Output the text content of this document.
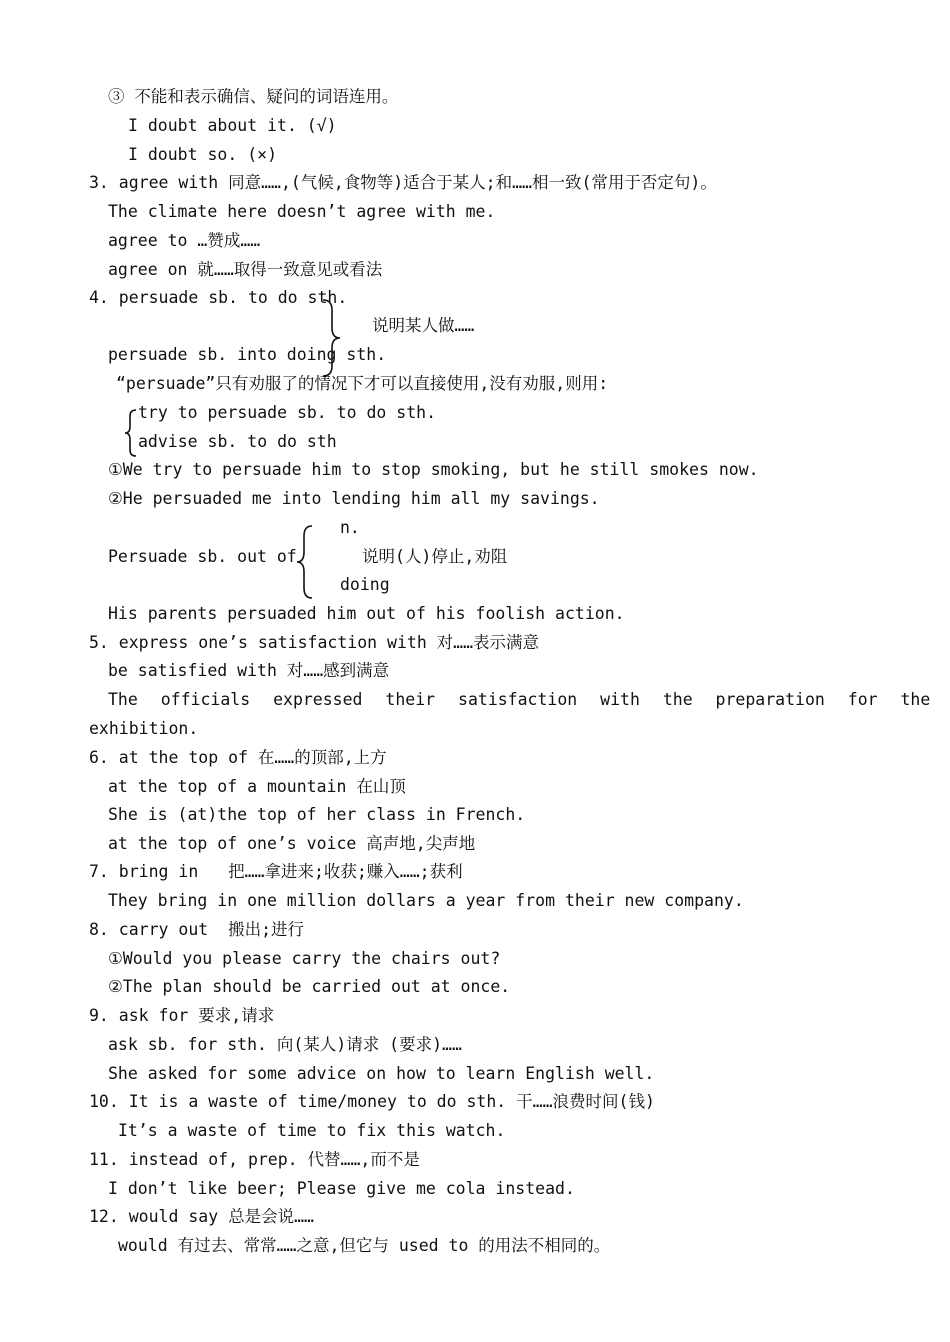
③ 不能和表示确信、疑问的词语连用。
I doubt about it. (√)
I doubt so. (×)
3. agree with 同意……,(气候,食物等)适合于某人;和……相一致(常用于否定句)。
The climate here doesn’t agree with me.
agree to …赞成……
agree on 就……取得一致意见或看法
4. persuade sb. to do sth.
说明某人做……
persuade sb. into doing sth.
“persuade”只有劝服了的情况下才可以直接使用,没有劝服,则用:
try to persuade sb. to do sth.
advise sb. to do sth
①We try to persuade him to stop smoking, but he still smokes now.
②He persuaded me into lending him all my savings.
n.
Persuade sb. out of	说明(人)停止,劝阻
doing
His parents persuaded him out of his foolish action.
5. express one’s satisfaction with 对……表示满意
be satisfied with 对……感到满意
The officials expressed their satisfaction with the preparation for the
exhibition.
6. at the top of 在……的顶部,上方
at the top of a mountain 在山顶
She is (at)the top of her class in French.
at the top of one’s voice 高声地,尖声地
7. bring in   把……拿进来;收获;赚入……;获利
They bring in one million dollars a year from their new company.
8. carry out  搬出;进行
①Would you please carry the chairs out?
②The plan should be carried out at once.
9. ask for 要求,请求
ask sb. for sth. 向(某人)请求 (要求)……
She asked for some advice on how to learn English well.
10. It is a waste of time/money to do sth. 干……浪费时间(钱)
It’s a waste of time to fix this watch.
11. instead of, prep. 代替……,而不是
I don’t like beer; Please give me cola instead.
12. would say 总是会说……
would 有过去、常常……之意,但它与 used to 的用法不相同的。
